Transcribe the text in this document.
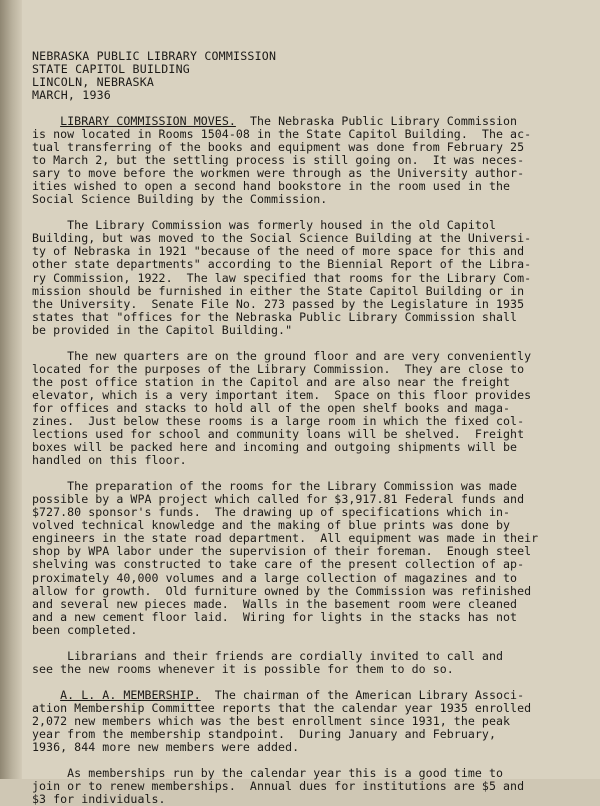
NEBRASKA PUBLIC LIBRARY COMMISSION
STATE CAPITOL BUILDING
LINCOLN, NEBRASKA
MARCH, 1936
LIBRARY COMMISSION MOVES.  The Nebraska Public Library Commission
is now located in Rooms 1504-08 in the State Capitol Building.  The ac-
tual transferring of the books and equipment was done from February 25
to March 2, but the settling process is still going on.  It was neces-
sary to move before the workmen were through as the University author-
ities wished to open a second hand bookstore in the room used in the
Social Science Building by the Commission.
The Library Commission was formerly housed in the old Capitol
Building, but was moved to the Social Science Building at the Universi-
ty of Nebraska in 1921 "because of the need of more space for this and
other state departments" according to the Biennial Report of the Libra-
ry Commission, 1922.  The law specified that rooms for the Library Com-
mission should be furnished in either the State Capitol Building or in
the University.  Senate File No. 273 passed by the Legislature in 1935
states that "offices for the Nebraska Public Library Commission shall
be provided in the Capitol Building."
The new quarters are on the ground floor and are very conveniently
located for the purposes of the Library Commission.  They are close to
the post office station in the Capitol and are also near the freight
elevator, which is a very important item.  Space on this floor provides
for offices and stacks to hold all of the open shelf books and maga-
zines.  Just below these rooms is a large room in which the fixed col-
lections used for school and community loans will be shelved.  Freight
boxes will be packed here and incoming and outgoing shipments will be
handled on this floor.
The preparation of the rooms for the Library Commission was made
possible by a WPA project which called for $3,917.81 Federal funds and
$727.80 sponsor's funds.  The drawing up of specifications which in-
volved technical knowledge and the making of blue prints was done by
engineers in the state road department.  All equipment was made in their
shop by WPA labor under the supervision of their foreman.  Enough steel
shelving was constructed to take care of the present collection of ap-
proximately 40,000 volumes and a large collection of magazines and to
allow for growth.  Old furniture owned by the Commission was refinished
and several new pieces made.  Walls in the basement room were cleaned
and a new cement floor laid.  Wiring for lights in the stacks has not
been completed.
Librarians and their friends are cordially invited to call and
see the new rooms whenever it is possible for them to do so.
A. L. A. MEMBERSHIP.  The chairman of the American Library Associ-
ation Membership Committee reports that the calendar year 1935 enrolled
2,072 new members which was the best enrollment since 1931, the peak
year from the membership standpoint.  During January and February,
1936, 844 more new members were added.
As memberships run by the calendar year this is a good time to
join or to renew memberships.  Annual dues for institutions are $5 and
$3 for individuals.
